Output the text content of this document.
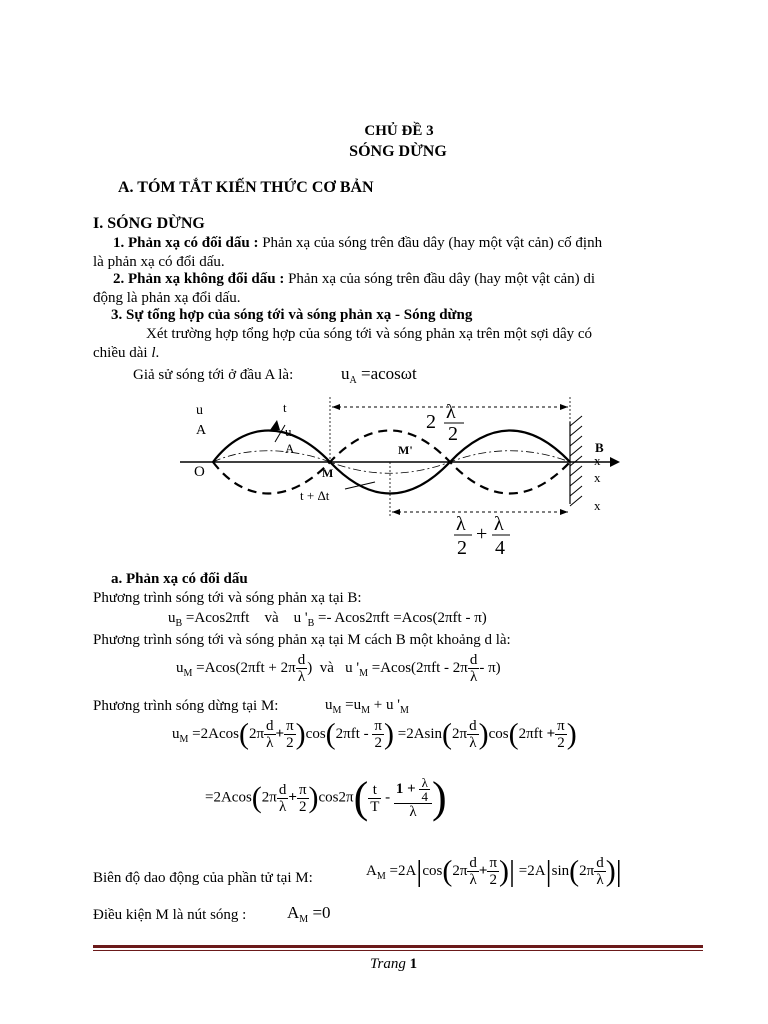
CHỦ ĐỀ 3
SÓNG DỪNG
A. TÓM TẮT KIẾN THỨC CƠ BẢN
I. SÓNG DỪNG
1. Phản xạ có đối dấu : Phản xạ của sóng trên đầu dây (hay một vật cản) cố định
là phản xạ có đổi dấu.
2. Phản xạ không đổi dấu : Phản xạ của sóng trên đầu dây (hay một vật cản) di
động là phản xạ đổi dấu.
3. Sự tổng hợp của sóng tới và sóng phản xạ - Sóng dừng
Xét trường hợp tổng hợp của sóng tới và sóng phản xạ trên một sợi dây có
chiều dài l.
Giả sử sóng tới ở đầu A là:	$u_A =acos\omega t$
u
A
O
t
u
A
M
M'	B
x
x
x
t + Δt
2 λ
2
λ
2
+ λ
4
a. Phản xạ có đối dấu
Phương trình sóng tới và sóng phản xạ tại B:
$u_B =Acos2\pi ft$ và    u '$_B =- Acos2\pi ft =Acos(2\pi ft - \pi)$
Phương trình sóng tới và sóng phản xạ tại M cách B một khoảng d là:
$u_M =Acos(2\pi ft + 2\pi \frac{d}{\lambda}$ ) và   u '$_M =Acos(2\pi ft - 2\pi \frac{d}{\lambda} - \pi)$
Phương trình sóng dừng tại M:	$u_M =u_M + u$ '$_M$
$u_M =2Acos(2\pi \frac{d}{\lambda} + \frac{\pi}{2} )\cos(2\pi ft - \frac{\pi}{2}$ ) $=2Asin(2\pi \frac{d}{\lambda} )\cos(2\pi ft + \frac{\pi}{2}$ )
$=2Acos(2\pi \frac{d}{\lambda} + \frac{\pi}{2} )\cos 2\pi( \frac{t}{T} - \frac{1 + \frac{\lambda}{4}}{\lambda}$ )
Biên độ dao động của phần tử tại M:	$A_M =2A|\cos(2\pi \frac{d}{\lambda} + \frac{\pi}{2}$ )| $=2A|\sin(2\pi \frac{d}{\lambda}$ )|
Điều kiện M là nút sóng : $A_M =0$
Trang 1
